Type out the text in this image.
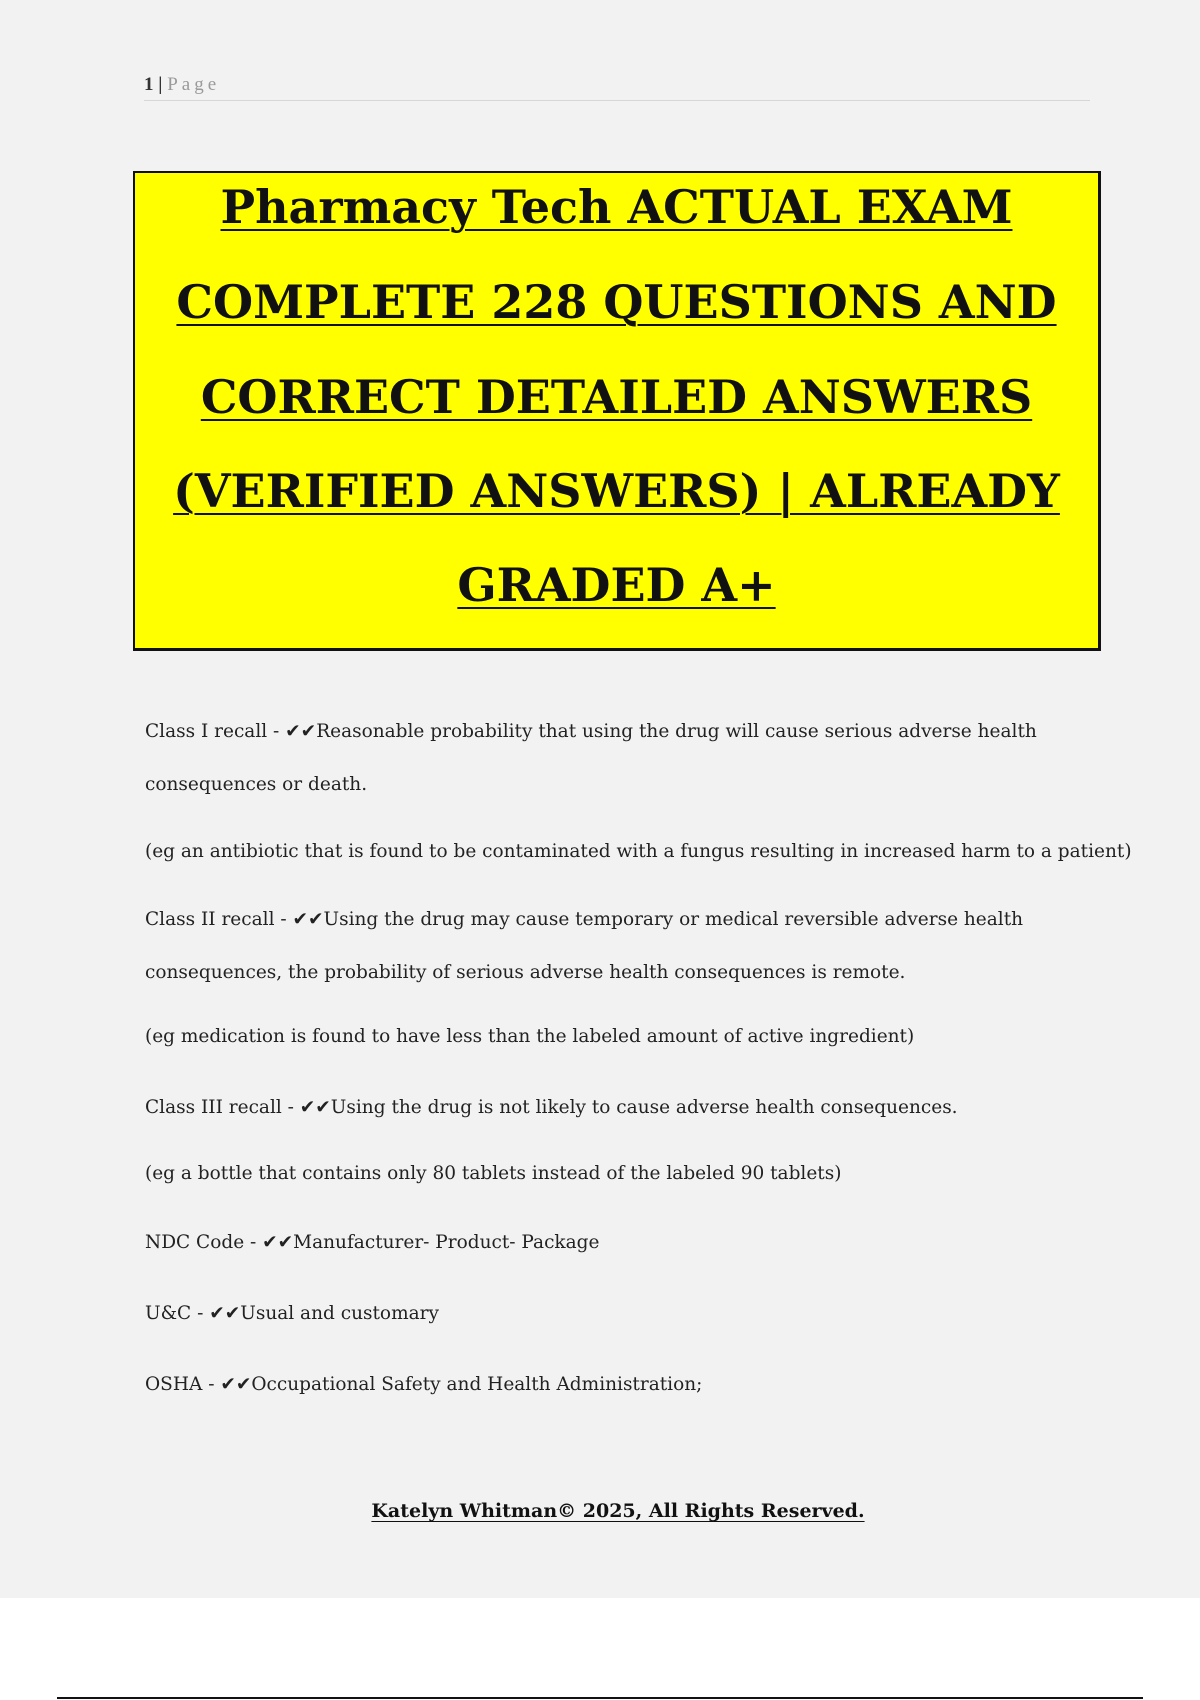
1 | Page
Pharmacy Tech ACTUAL EXAM
COMPLETE 228 QUESTIONS AND
CORRECT DETAILED ANSWERS
(VERIFIED ANSWERS) | ALREADY
GRADED A+
Class I recall - ✔✔Reasonable probability that using the drug will cause serious adverse health
consequences or death.
(eg an antibiotic that is found to be contaminated with a fungus resulting in increased harm to a patient)
Class II recall - ✔✔Using the drug may cause temporary or medical reversible adverse health
consequences, the probability of serious adverse health consequences is remote.
(eg medication is found to have less than the labeled amount of active ingredient)
Class III recall - ✔✔Using the drug is not likely to cause adverse health consequences.
(eg a bottle that contains only 80 tablets instead of the labeled 90 tablets)
NDC Code - ✔✔Manufacturer- Product- Package
U&C - ✔✔Usual and customary
OSHA - ✔✔Occupational Safety and Health Administration;
Katelyn Whitman© 2025, All Rights Reserved.
